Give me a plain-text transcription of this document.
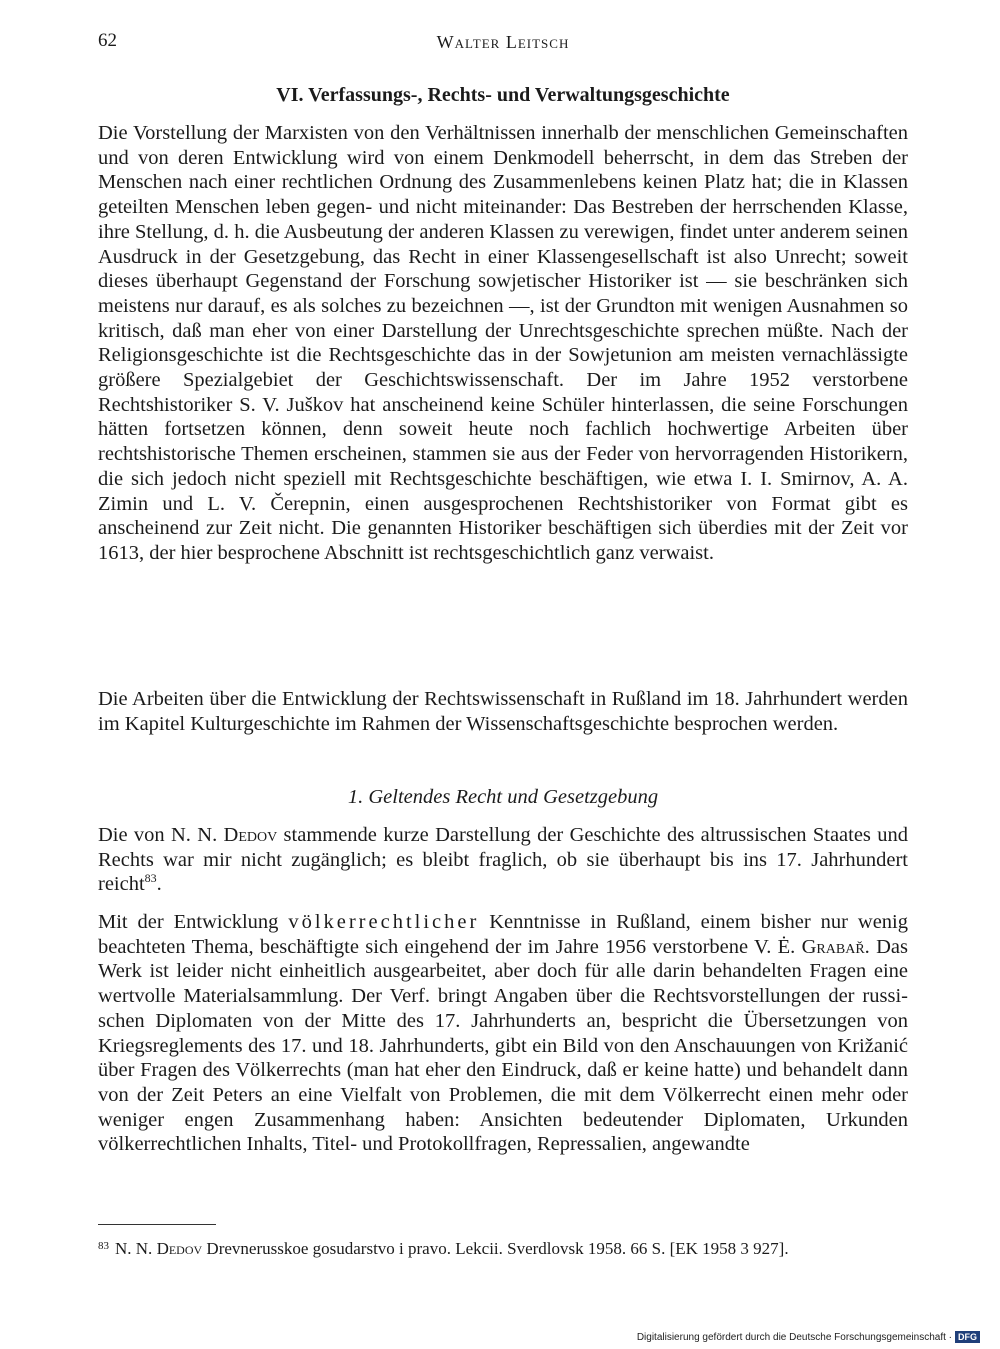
62	Walter Leitsch
VI. Verfassungs-, Rechts- und Verwaltungsgeschichte

Die Vorstellung der Marxisten von den Verhältnissen innerhalb der menschlichen Gemeinschaften und von deren Entwicklung wird von einem Denkmodell beherrscht, in dem das Streben der Menschen nach einer rechtlichen Ordnung des Zusammenlebens keinen Platz hat; die in Klassen geteilten Menschen leben gegen- und nicht miteinander: Das Bestreben der herrschenden Klasse, ihre Stellung, d. h. die Ausbeutung der anderen Klassen zu verewigen, findet unter anderem seinen Ausdruck in der Gesetzgebung, das Recht in einer Klassengesellschaft ist also Unrecht; soweit dieses überhaupt Gegenstand der Forschung sowjetischer Historiker ist — sie beschränken sich meistens nur darauf, es als solches zu bezeichnen —, ist der Grundton mit wenigen Ausnahmen so kritisch, daß man eher von einer Darstellung der Unrechtsgeschichte sprechen müßte. Nach der Religionsgeschichte ist die Rechtsgeschichte das in der Sowjetunion am meisten vernachlässigte größere Spezialgebiet der Geschichtswissenschaft. Der im Jahre 1952 verstorbene Rechtshistoriker S. V. Juškov hat anscheinend keine Schüler hinterlassen, die seine Forschungen hätten fortsetzen können, denn soweit heute noch fachlich hochwertige Arbeiten über rechtshistorische Themen erscheinen, stammen sie aus der Feder von hervorragenden Historikern, die sich jedoch nicht speziell mit Rechtsgeschichte beschäftigen, wie etwa I. I. Smirnov, A. A. Zimin und L. V. Čerepnin, einen ausgesprochenen Rechtshistoriker von Format gibt es anscheinend zur Zeit nicht. Die genannten Historiker beschäftigen sich überdies mit der Zeit vor 1613, der hier besprochene Abschnitt ist rechtsgeschichtlich ganz verwaist.

Die Arbeiten über die Entwicklung der Rechtswissenschaft in Rußland im 18. Jahrhundert werden im Kapitel Kulturgeschichte im Rahmen der Wissenschaftsgeschichte besprochen werden.

1. Geltendes Recht und Gesetzgebung

Die von N. N. Dedov stammende kurze Darstellung der Geschichte des altrussischen Staates und Rechts war mir nicht zugänglich; es bleibt fraglich, ob sie überhaupt bis ins 17. Jahrhundert reicht$^{83}$.

Mit der Entwicklung völkerrechtlicher Kenntnisse in Rußland, einem bisher nur wenig beachteten Thema, beschäftigte sich eingehend der im Jahre 1956 verstorbene V. Ė. Grabař. Das Werk ist leider nicht einheitlich ausgearbeitet, aber doch für alle darin behandelten Fragen eine wertvolle Materialsammlung. Der Verf. bringt Angaben über die Rechtsvorstellungen der russischen Diplomaten von der Mitte des 17. Jahrhunderts an, bespricht die Übersetzungen von Kriegsreglements des 17. und 18. Jahrhunderts, gibt ein Bild von den Anschauungen von Križanić über Fragen des Völkerrechts (man hat eher den Eindruck, daß er keine hatte) und behandelt dann von der Zeit Peters an eine Vielfalt von Problemen, die mit dem Völkerrecht einen mehr oder weniger engen Zusammenhang haben: Ansichten bedeutender Diplomaten, Urkunden völkerrechtlichen Inhalts, Titel- und Protokollfragen, Repressalien, angewandte

$^{83}$ N. N. Dedov Drevnerusskoe gosudarstvo i pravo. Lekcii. Sverdlovsk 1958. 66 S. [EK 1958 3 927].
Digitalisierung gefördert durch die Deutsche Forschungsgemeinschaft · DFG
